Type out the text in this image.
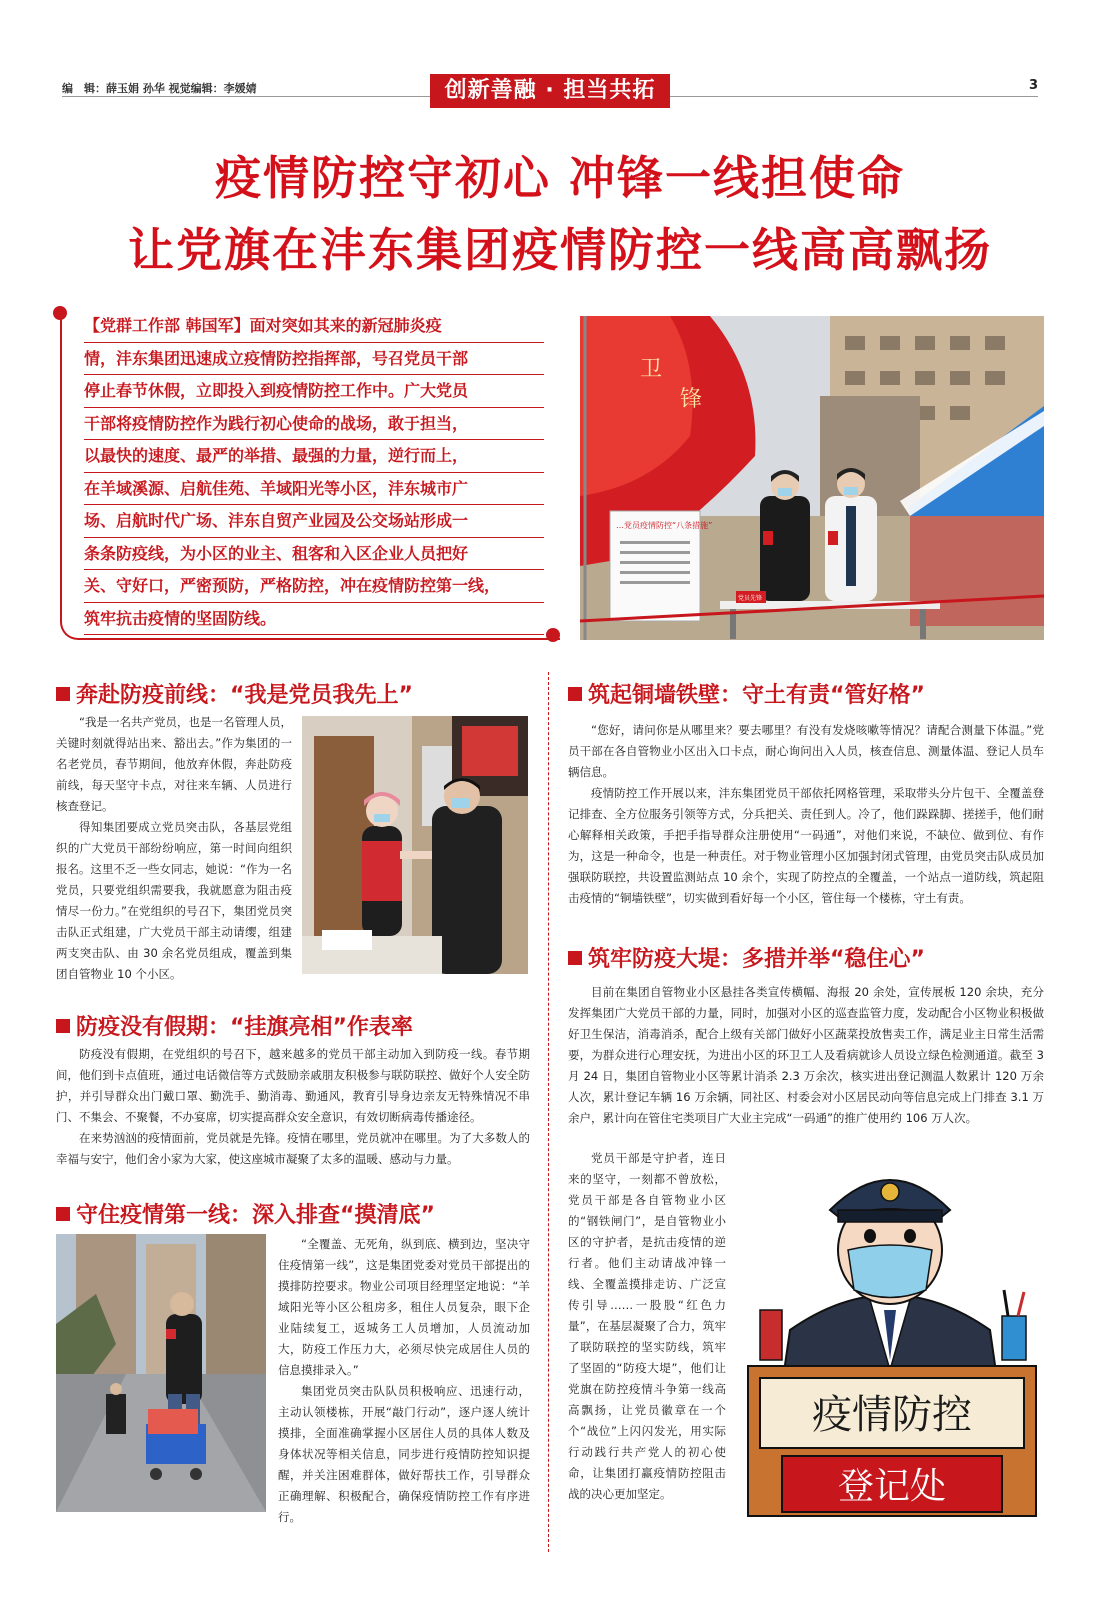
编　辑：薛玉娟 孙华 视觉编辑：李媛婧	创新善融 · 担当共拓	3
疫情防控守初心 冲锋一线担使命
让党旗在沣东集团疫情防控一线高高飘扬
【党群工作部 韩国军】面对突如其来的新冠肺炎疫
情，沣东集团迅速成立疫情防控指挥部，号召党员干部
停止春节休假，立即投入到疫情防控工作中。广大党员
干部将疫情防控作为践行初心使命的战场，敢于担当，
以最快的速度、最严的举措、最强的力量，逆行而上，
在羊域溪源、启航佳苑、羊域阳光等小区，沣东城市广
场、启航时代广场、沣东自贸产业园及公交场站形成一
条条防疫线，为小区的业主、租客和入区企业人员把好
关、守好口，严密预防，严格防控，冲在疫情防控第一线，
筑牢抗击疫情的坚固防线。
卫
锋
…党员疫情防控“八条措施”
党员先锋
奔赴防疫前线：“我是党员我先上”

“我是一名共产党员，也是一名管理人员，关键时刻就得站出来、豁出去。”作为集团的一名老党员，春节期间，他放弃休假，奔赴防疫前线，每天坚守卡点，对往来车辆、人员进行核查登记。

得知集团要成立党员突击队，各基层党组织的广大党员干部纷纷响应，第一时间向组织报名。这里不乏一些女同志，她说：“作为一名党员，只要党组织需要我，我就愿意为阻击疫情尽一份力。”在党组织的号召下，集团党员突击队正式组建，广大党员干部主动请缨，组建两支突击队、由 30 余名党员组成，覆盖到集团自管物业 10 个小区。

防疫没有假期：“挂旗亮相”作表率

防疫没有假期，在党组织的号召下，越来越多的党员干部主动加入到防疫一线。春节期间，他们到卡点值班，通过电话微信等方式鼓励亲戚朋友积极参与联防联控、做好个人安全防护，并引导群众出门戴口罩、勤洗手、勤消毒、勤通风，教育引导身边亲友无特殊情况不串门、不集会、不聚餐，不办宴席，切实提高群众安全意识，有效切断病毒传播途径。

在来势汹汹的疫情面前，党员就是先锋。疫情在哪里，党员就冲在哪里。为了大多数人的幸福与安宁，他们舍小家为大家，使这座城市凝聚了太多的温暖、感动与力量。

守住疫情第一线：深入排查“摸清底”

“全覆盖、无死角，纵到底、横到边，坚决守住疫情第一线”，这是集团党委对党员干部提出的摸排防控要求。物业公司项目经理坚定地说：“羊域阳光等小区公租房多，租住人员复杂，眼下企业陆续复工，返城务工人员增加，人员流动加大，防疫工作压力大，必须尽快完成居住人员的信息摸排录入。”

集团党员突击队队员积极响应、迅速行动，主动认领楼栋，开展“敲门行动”，逐户逐人统计摸排，全面准确掌握小区居住人员的具体人数及身体状况等相关信息，同步进行疫情防控知识提醒，并关注困难群体，做好帮扶工作，引导群众正确理解、积极配合，确保疫情防控工作有序进行。

筑起铜墙铁壁：守土有责“管好格”

“您好，请问你是从哪里来？要去哪里？有没有发烧咳嗽等情况？请配合测量下体温。”党员干部在各自管物业小区出入口卡点，耐心询问出入人员，核查信息、测量体温、登记人员车辆信息。

疫情防控工作开展以来，沣东集团党员干部依托网格管理，采取带头分片包干、全覆盖登记排查、全方位服务引领等方式，分兵把关、责任到人。冷了，他们跺跺脚、搓搓手，他们耐心解释相关政策，手把手指导群众注册使用“一码通”，对他们来说，不缺位、做到位、有作为，这是一种命令，也是一种责任。对于物业管理小区加强封闭式管理，由党员突击队成员加强联防联控，共设置监测站点 10 余个，实现了防控点的全覆盖，一个站点一道防线，筑起阻击疫情的“铜墙铁壁”，切实做到看好每一个小区，管住每一个楼栋，守土有责。

筑牢防疫大堤：多措并举“稳住心”

目前在集团自管物业小区悬挂各类宣传横幅、海报 20 余处，宣传展板 120 余块，充分发挥集团广大党员干部的力量，同时，加强对小区的巡查监管力度，发动配合小区物业积极做好卫生保洁，消毒消杀，配合上级有关部门做好小区蔬菜投放售卖工作，满足业主日常生活需要，为群众进行心理安抚，为进出小区的环卫工人及看病就诊人员设立绿色检测通道。截至 3 月 24 日，集团自管物业小区等累计消杀 2.3 万余次，核实进出登记测温人数累计 120 万余人次，累计登记车辆 16 万余辆，同社区、村委会对小区居民动向等信息完成上门排查 3.1 万余户，累计向在管住宅类项目广大业主完成“一码通”的推广使用约 106 万人次。

党员干部是守护者，连日来的坚守，一刻都不曾放松，党员干部是各自管物业小区的“钢铁闸门”，是自管物业小区的守护者，是抗击疫情的逆行者。他们主动请战冲锋一线、全覆盖摸排走访、广泛宣传引导……一股股“红色力量”，在基层凝聚了合力，筑牢了联防联控的坚实防线，筑牢了坚固的“防疫大堤”，他们让党旗在防控疫情斗争第一线高高飘扬，让党员徽章在一个个“战位”上闪闪发光，用实际行动践行共产党人的初心使命，让集团打赢疫情防控阻击战的决心更加坚定。

疫情防控
登记处
